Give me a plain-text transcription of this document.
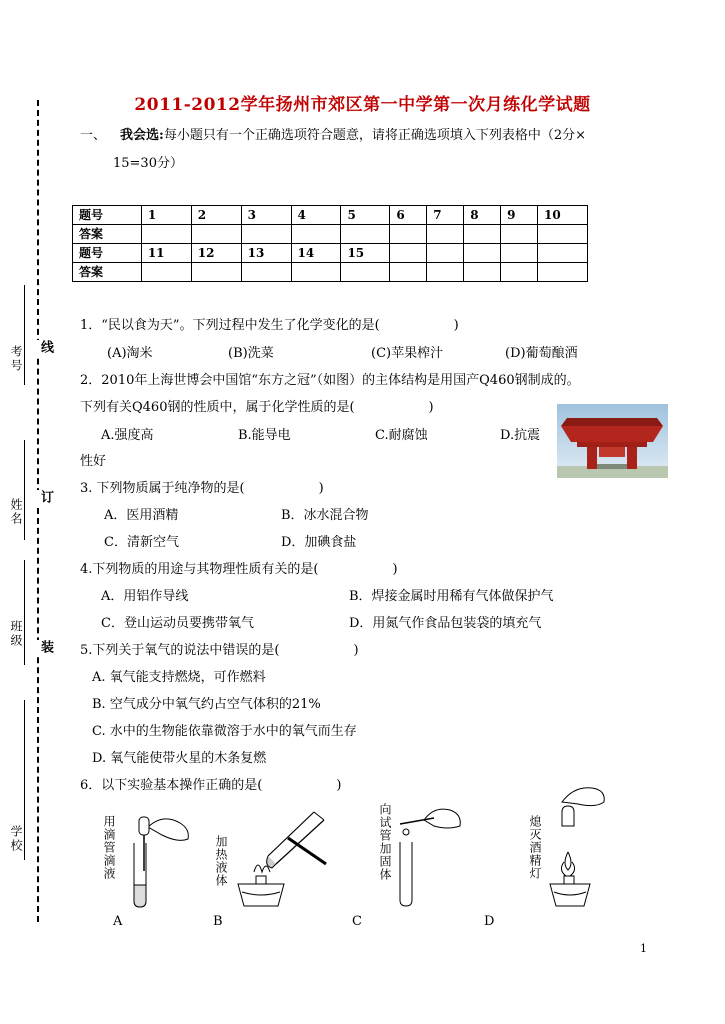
考号
姓名
班级
学校
线
订
装
2011-2012学年扬州市郊区第一中学第一次月练化学试题
一、 我会选:每小题只有一个正确选项符合题意，请将正确选项填入下列表格中（2分×
15=30分）
题号	1	2	3	4	5	6	7	8	9	10
答案										
题号	11	12	13	14	15					
答案										
1．“民以食为天”。下列过程中发生了化学变化的是(	)
(A)淘米	(B)洗菜	(C)苹果榨汁	(D)葡萄酿酒
2．2010年上海世博会中国馆“东方之冠”（如图）的主体结构是用国产Q460钢制成的。
下列有关Q460钢的性质中，属于化学性质的是(	)
A.强度高	B.能导电	C.耐腐蚀	D.抗震
性好
3. 下列物质属于纯净物的是(	)
A．医用酒精	B．冰水混合物
C．清新空气	D．加碘食盐
4.下列物质的用途与其物理性质有关的是(	)
A．用铝作导线	B．焊接金属时用稀有气体做保护气
C．登山运动员要携带氧气	D．用氮气作食品包装袋的填充气
5.下列关于氧气的说法中错误的是(	)
A. 氧气能支持燃烧，可作燃料
B. 空气成分中氧气约占空气体积的21%
C. 水中的生物能依靠微溶于水中的氧气而生存
D. 氧气能使带火星的木条复燃
6．以下实验基本操作正确的是(	)
用滴管滴液
A
加热液体
B
向试管加固体
C
熄灭酒精灯
D
1
